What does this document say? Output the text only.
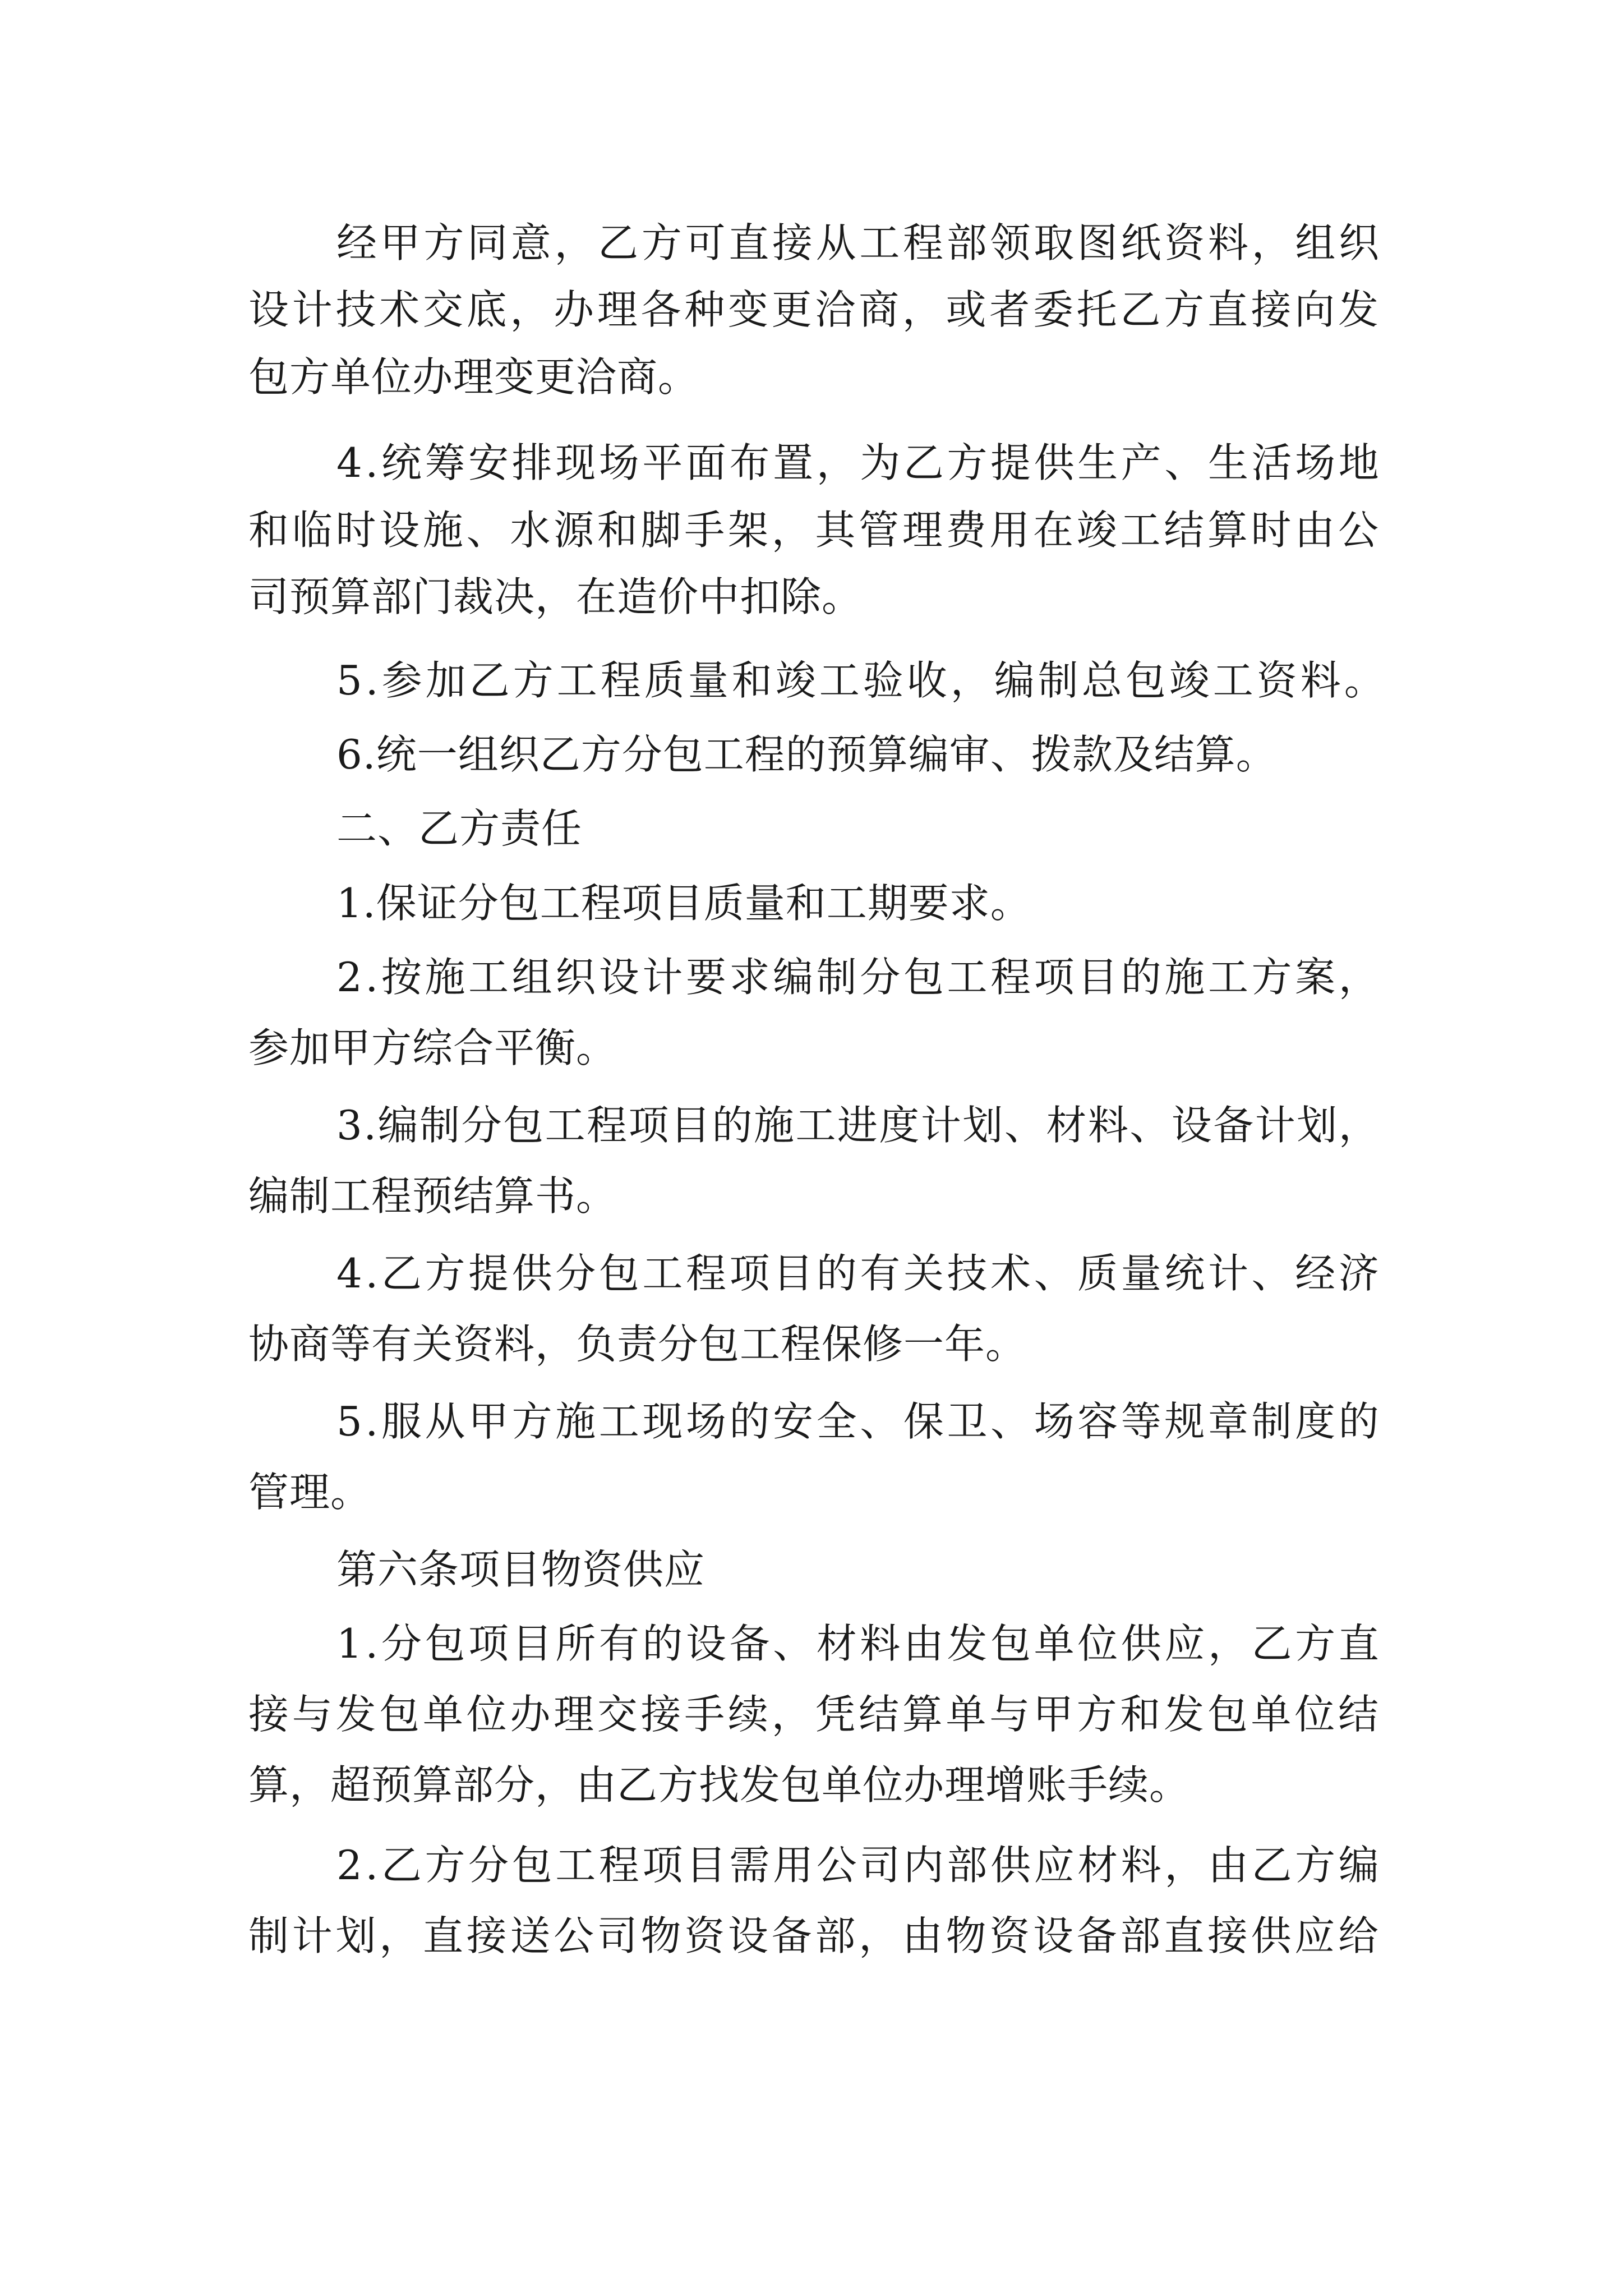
经甲方同意，乙方可直接从工程部领取图纸资料，组织
设计技术交底，办理各种变更洽商，或者委托乙方直接向发
包方单位办理变更洽商。
4.统筹安排现场平面布置，为乙方提供生产、生活场地
和临时设施、水源和脚手架，其管理费用在竣工结算时由公
司预算部门裁决，在造价中扣除。
5.参加乙方工程质量和竣工验收，编制总包竣工资料。
6.统一组织乙方分包工程的预算编审、拨款及结算。
二、乙方责任
1.保证分包工程项目质量和工期要求。
2.按施工组织设计要求编制分包工程项目的施工方案，
参加甲方综合平衡。
3.编制分包工程项目的施工进度计划、材料、设备计划，
编制工程预结算书。
4.乙方提供分包工程项目的有关技术、质量统计、经济
协商等有关资料，负责分包工程保修一年。
5.服从甲方施工现场的安全、保卫、场容等规章制度的
管理。
第六条项目物资供应
1.分包项目所有的设备、材料由发包单位供应，乙方直
接与发包单位办理交接手续，凭结算单与甲方和发包单位结
算，超预算部分，由乙方找发包单位办理增账手续。
2.乙方分包工程项目需用公司内部供应材料，由乙方编
制计划，直接送公司物资设备部，由物资设备部直接供应给
